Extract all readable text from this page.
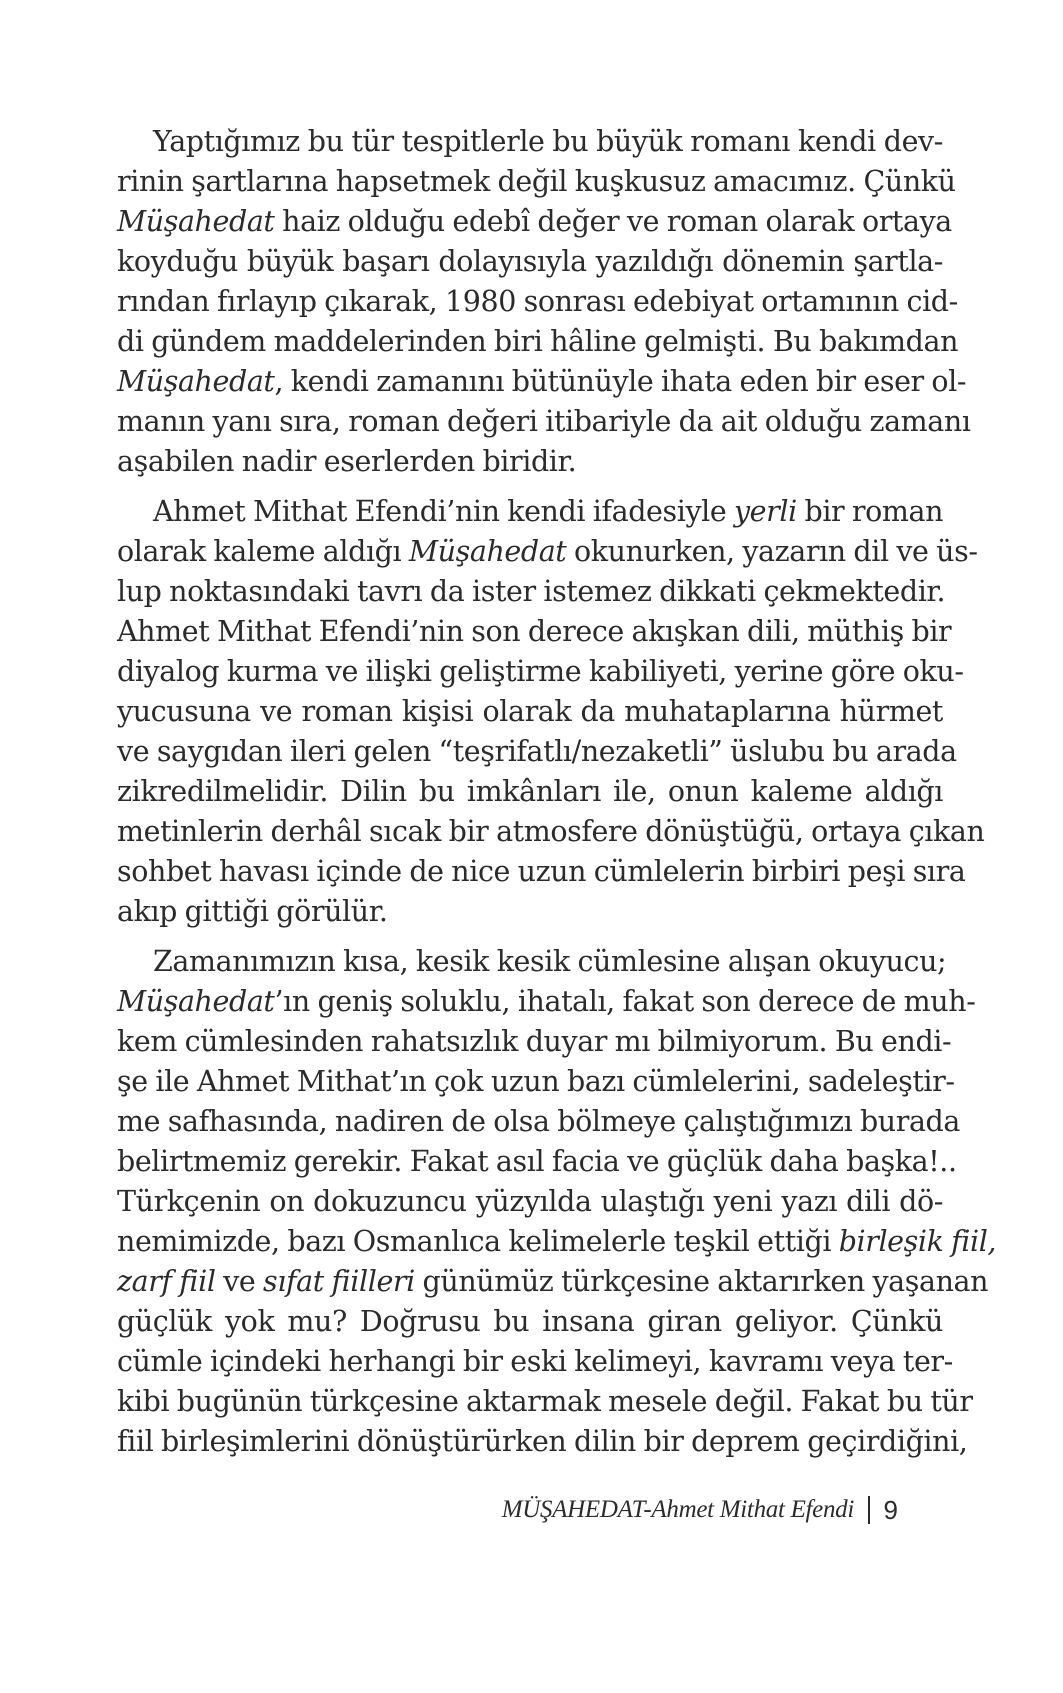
Yaptığımız bu tür tespitlerle bu büyük romanı kendi dev-
rinin şartlarına hapsetmek değil kuşkusuz amacımız. Çünkü
Müşahedat haiz olduğu edebî değer ve roman olarak ortaya
koyduğu büyük başarı dolayısıyla yazıldığı dönemin şartla-
rından fırlayıp çıkarak, 1980 sonrası edebiyat ortamının cid-
di gündem maddelerinden biri hâline gelmişti. Bu bakımdan
Müşahedat, kendi zamanını bütünüyle ihata eden bir eser ol-
manın yanı sıra, roman değeri itibariyle da ait olduğu zamanı
aşabilen nadir eserlerden biridir.
Ahmet Mithat Efendi’nin kendi ifadesiyle yerli bir roman
olarak kaleme aldığı Müşahedat okunurken, yazarın dil ve üs-
lup noktasındaki tavrı da ister istemez dikkati çekmektedir.
Ahmet Mithat Efendi’nin son derece akışkan dili, müthiş bir
diyalog kurma ve ilişki geliştirme kabiliyeti, yerine göre oku-
yucusuna ve roman kişisi olarak da muhataplarına hürmet
ve saygıdan ileri gelen “teşrifatlı/nezaketli” üslubu bu arada
zikredilmelidir. Dilin bu imkânları ile, onun kaleme aldığı
metinlerin derhâl sıcak bir atmosfere dönüştüğü, ortaya çıkan
sohbet havası içinde de nice uzun cümlelerin birbiri peşi sıra
akıp gittiği görülür.
Zamanımızın kısa, kesik kesik cümlesine alışan okuyucu;
Müşahedat’ın geniş soluklu, ihatalı, fakat son derece de muh-
kem cümlesinden rahatsızlık duyar mı bilmiyorum. Bu endi-
şe ile Ahmet Mithat’ın çok uzun bazı cümlelerini, sadeleştir-
me safhasında, nadiren de olsa bölmeye çalıştığımızı burada
belirtmemiz gerekir. Fakat asıl facia ve güçlük daha başka!..
Türkçenin on dokuzuncu yüzyılda ulaştığı yeni yazı dili dö-
nemimizde, bazı Osmanlıca kelimelerle teşkil ettiği birleşik fiil,
zarf fiil ve sıfat fiilleri günümüz türkçesine aktarırken yaşanan
güçlük yok mu? Doğrusu bu insana giran geliyor. Çünkü
cümle içindeki herhangi bir eski kelimeyi, kavramı veya ter-
kibi bugünün türkçesine aktarmak mesele değil. Fakat bu tür
fiil birleşimlerini dönüştürürken dilin bir deprem geçirdiğini,
MÜŞAHEDAT-Ahmet Mithat Efendi 9
